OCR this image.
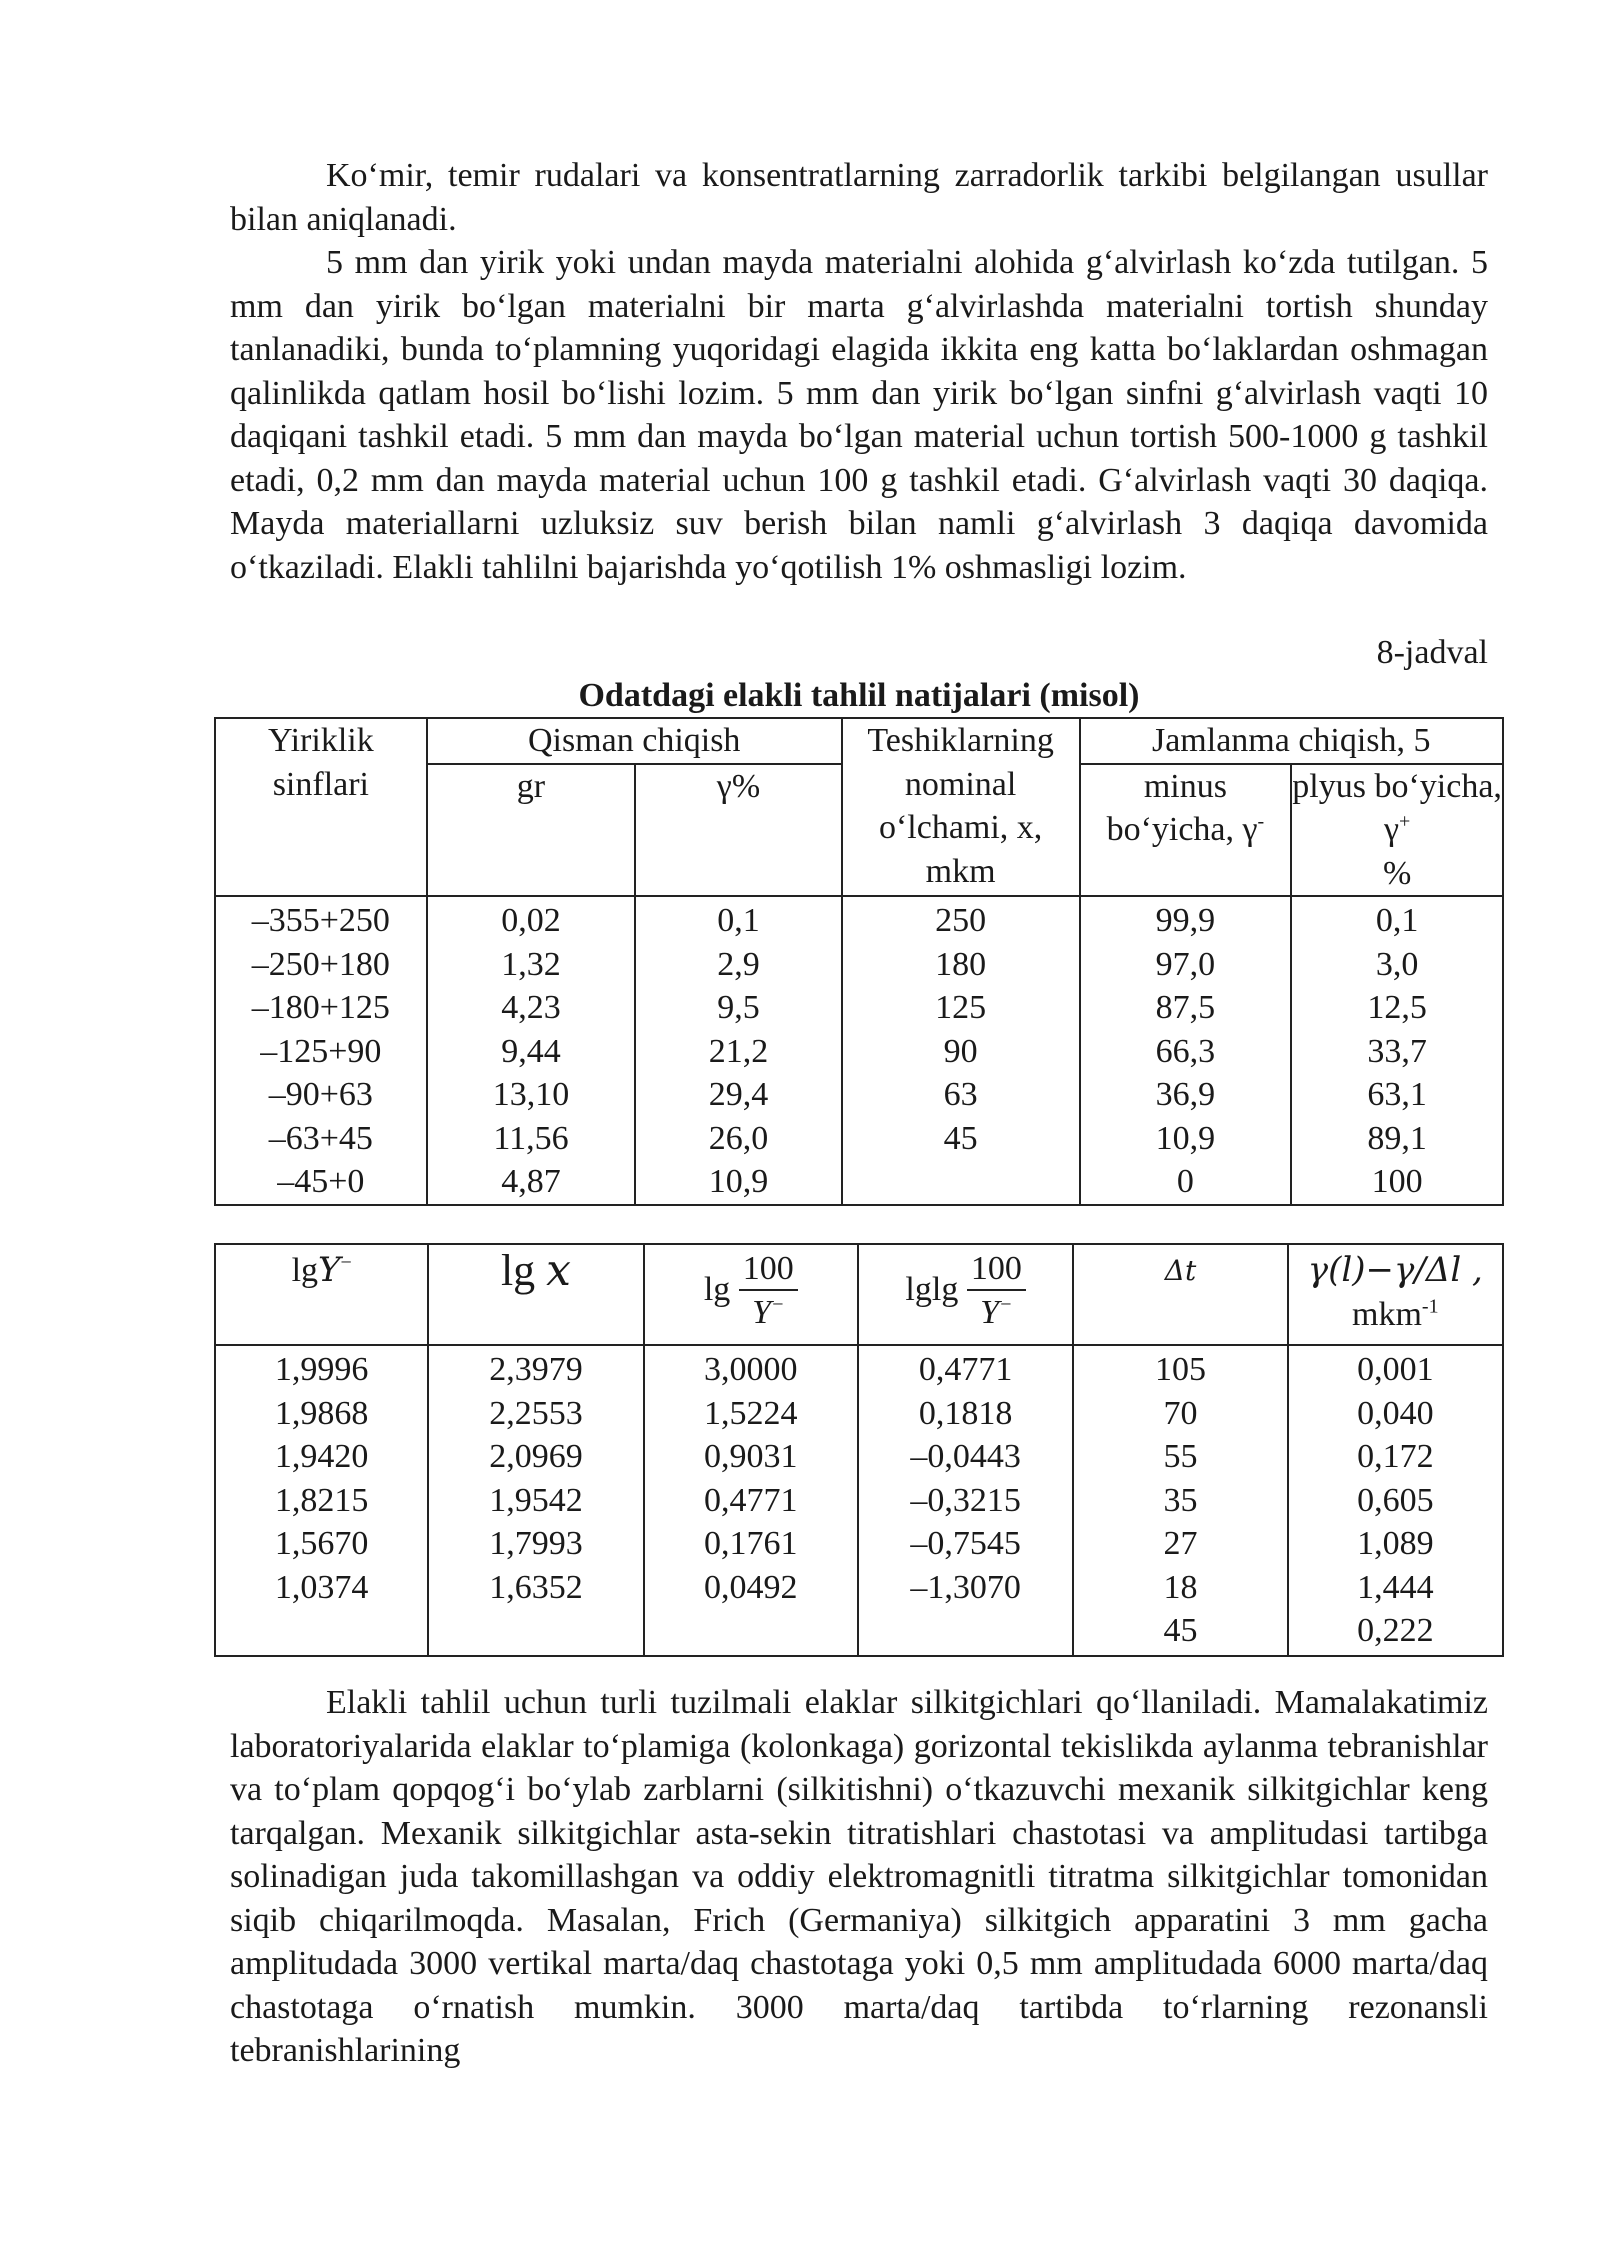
Ko‘mir, temir rudalari va konsentratlarning zarradorlik tarkibi belgilangan usullar bilan aniqlanadi.

5 mm dan yirik yoki undan mayda materialni alohida g‘alvirlash ko‘zda tutilgan. 5 mm dan yirik bo‘lgan materialni bir marta g‘alvirlashda materialni tortish shunday tanlanadiki, bunda to‘plamning yuqoridagi elagida ikkita eng katta bo‘laklardan oshmagan qalinlikda qatlam hosil bo‘lishi lozim. 5 mm dan yirik bo‘lgan sinfni g‘alvirlash vaqti 10 daqiqani tashkil etadi. 5 mm dan mayda bo‘lgan material uchun tortish 500-1000 g tashkil etadi, 0,2 mm dan mayda material uchun 100 g tashkil etadi. G‘alvirlash vaqti 30 daqiqa. Mayda materiallarni uzluksiz suv berish bilan namli g‘alvirlash 3 daqiqa davomida o‘tkaziladi. Elakli tahlilni bajarishda yo‘qotilish 1% oshmasligi lozim.

8-jadval
Odatdagi elakli tahlil natijalari (misol)
Yiriklik sinflari	Qisman chiqish		Teshiklarning nominal o‘lchami, x, mkm	Jamlanma chiqish, 5	
	gr	γ%		minus bo‘yicha, γ-	plyus bo‘yicha, γ+
%
–355+250	0,02	0,1	250	99,9	0,1
–250+180	1,32	2,9	180	97,0	3,0
–180+125	4,23	9,5	125	87,5	12,5
–125+90	9,44	21,2	90	66,3	33,7
–90+63	13,10	29,4	63	36,9	63,1
–63+45	11,56	26,0	45	10,9	89,1
–45+0	4,87	10,9		0	100
lgY−	lg x	$\lg \frac{100}{Y^-}$	lglg $\frac{100}{Y^-}$	Δt	γ(l)−γ/Δl ,
mkm$^{-1}$
1,9996	2,3979	3,0000	0,4771	105	0,001
1,9868	2,2553	1,5224	0,1818	70	0,040
1,9420	2,0969	0,9031	–0,0443	55	0,172
1,8215	1,9542	0,4771	–0,3215	35	0,605
1,5670	1,7993	0,1761	–0,7545	27	1,089
1,0374	1,6352	0,0492	–1,3070	18	1,444
				45	0,222

Elakli tahlil uchun turli tuzilmali elaklar silkitgichlari qo‘llaniladi. Mamalakatimiz laboratoriyalarida elaklar to‘plamiga (kolonkaga) gorizontal tekislikda aylanma tebranishlar va to‘plam qopqog‘i bo‘ylab zarblarni (silkitishni) o‘tkazuvchi mexanik silkitgichlar keng tarqalgan. Mexanik silkitgichlar asta-sekin titratishlari chastotasi va amplitudasi tartibga solinadigan juda takomillashgan va oddiy elektromagnitli titratma silkitgichlar tomonidan siqib chiqarilmoqda. Masalan, Frich (Germaniya) silkitgich apparatini 3 mm gacha amplitudada 3000 vertikal marta/daq chastotaga yoki 0,5 mm amplitudada 6000 marta/daq chastotaga o‘rnatish mumkin. 3000 marta/daq tartibda to‘rlarning rezonansli tebranishlarining
